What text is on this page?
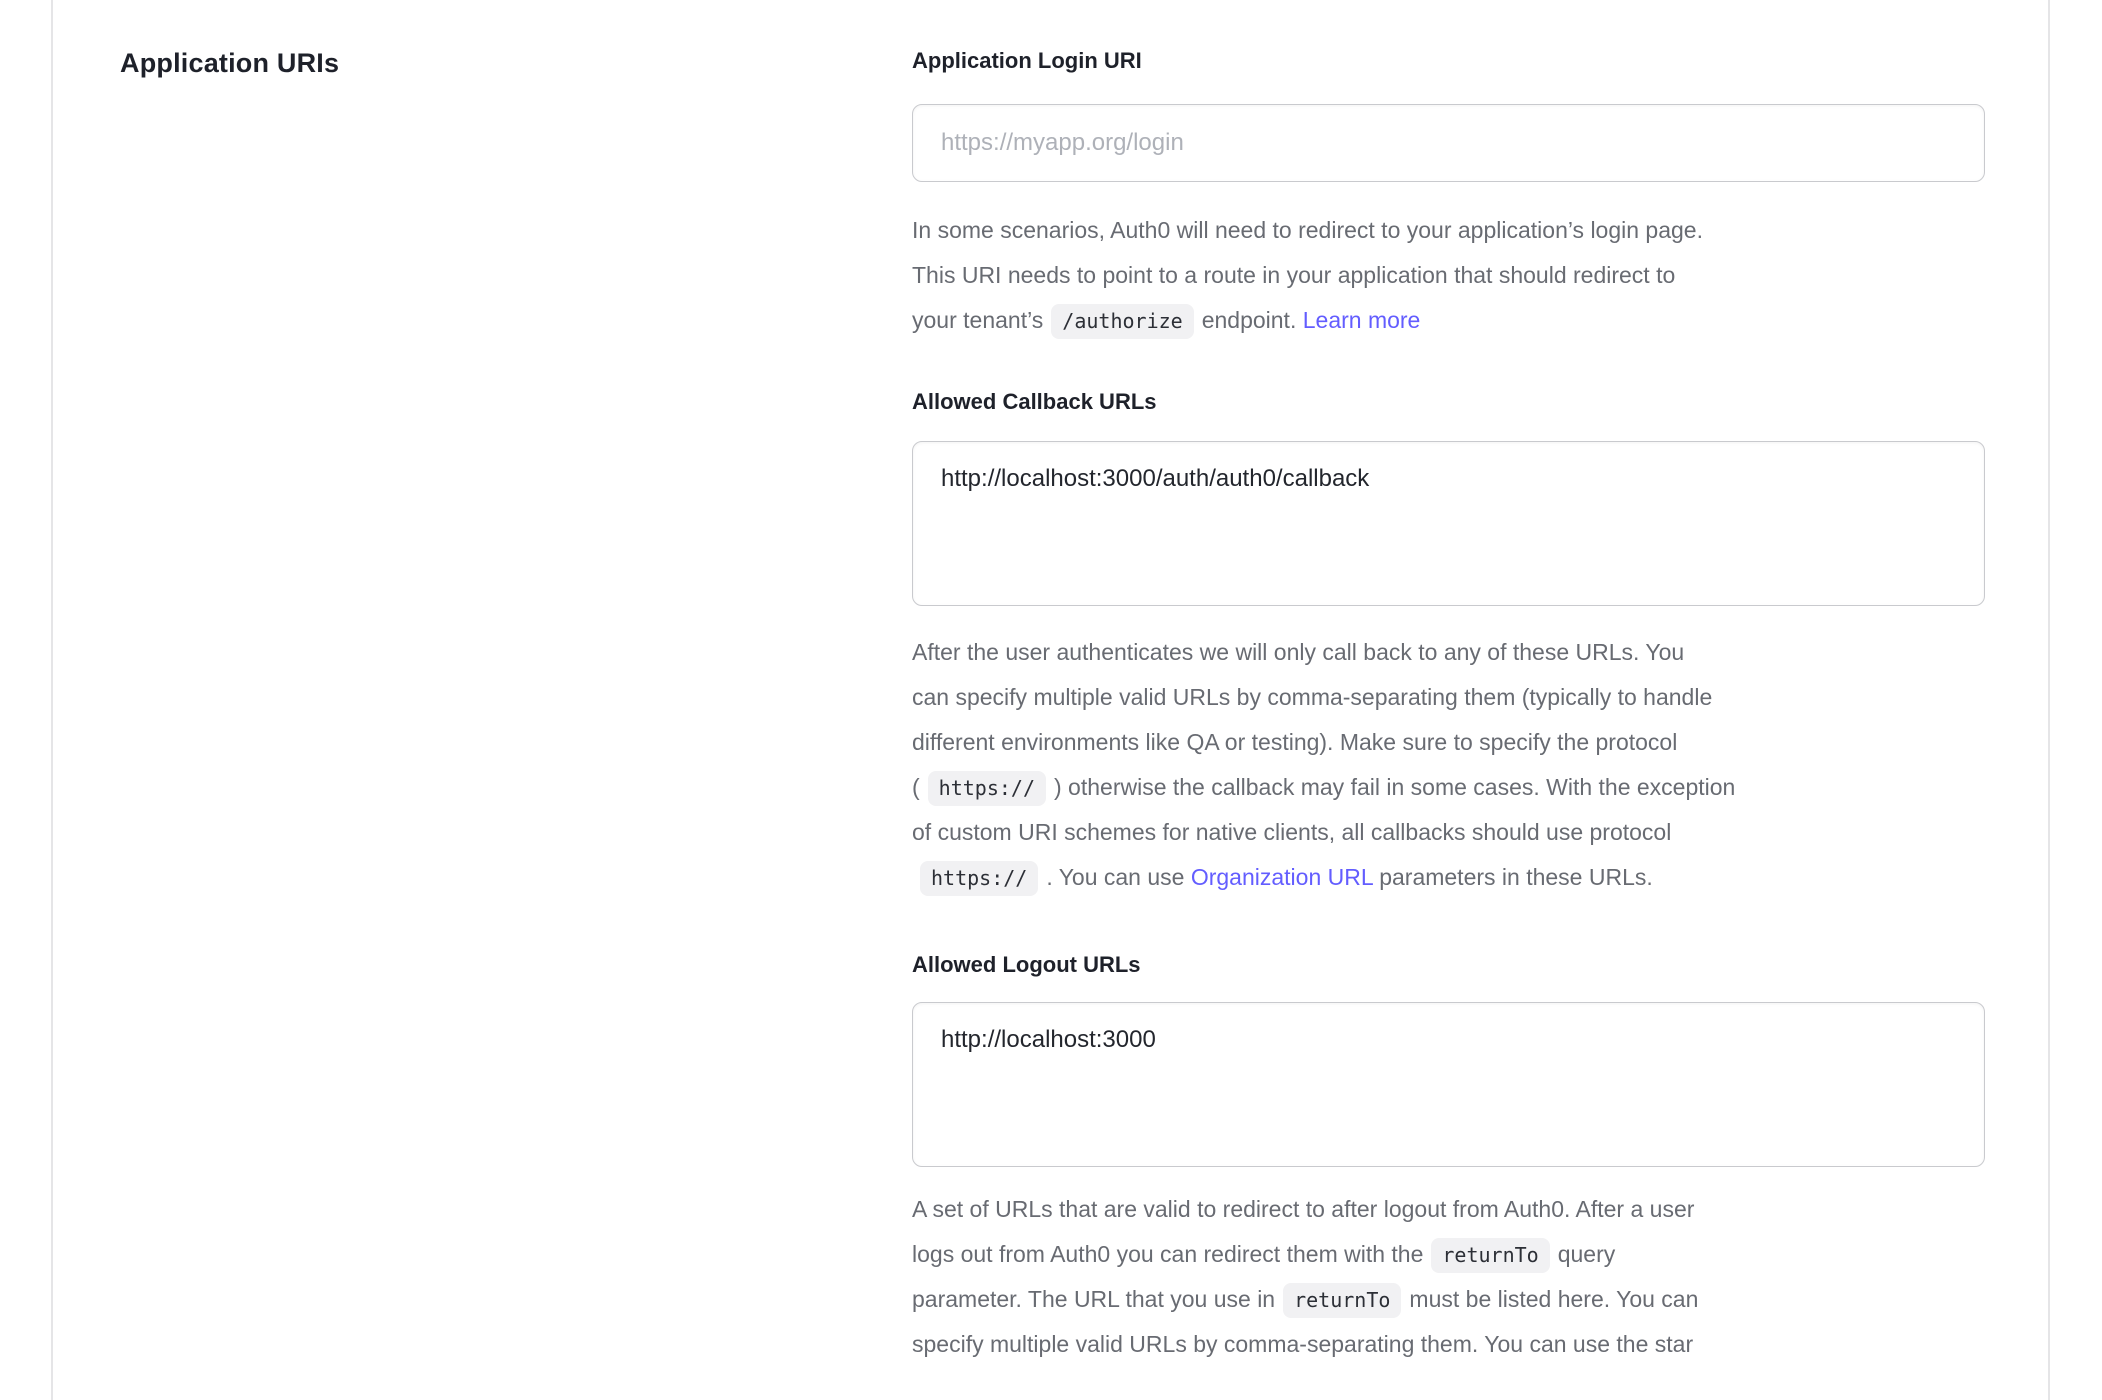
Application URIs	Application Login URI
https://myapp.org/login

In some scenarios, Auth0 will need to redirect to your application’s login page.
This URI needs to point to a route in your application that should redirect to
your tenant’s /authorize endpoint. Learn more

Allowed Callback URLs
http://localhost:3000/auth/auth0/callback

After the user authenticates we will only call back to any of these URLs. You
can specify multiple valid URLs by comma-separating them (typically to handle
different environments like QA or testing). Make sure to specify the protocol
( https:// ) otherwise the callback may fail in some cases. With the exception
of custom URI schemes for native clients, all callbacks should use protocol
https:// . You can use Organization URL parameters in these URLs.

Allowed Logout URLs
http://localhost:3000

A set of URLs that are valid to redirect to after logout from Auth0. After a user
logs out from Auth0 you can redirect them with the returnTo query
parameter. The URL that you use in returnTo must be listed here. You can
specify multiple valid URLs by comma-separating them. You can use the star
